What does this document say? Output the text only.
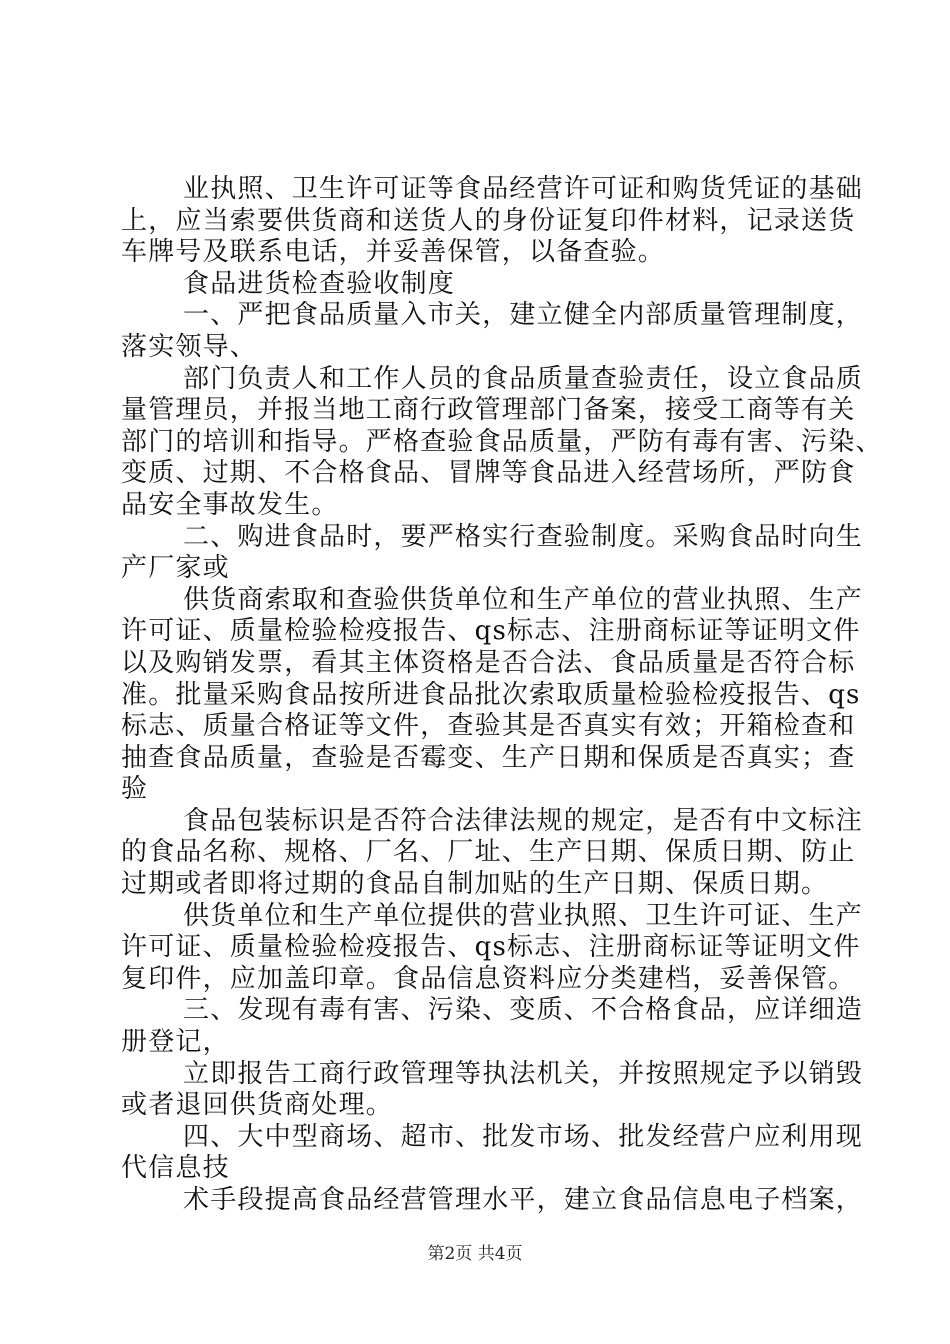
业执照、卫生许可证等食品经营许可证和购货凭证的基础
上，应当索要供货商和送货人的身份证复印件材料，记录送货
车牌号及联系电话，并妥善保管，以备查验。
食品进货检查验收制度
一、严把食品质量入市关，建立健全内部质量管理制度，
落实领导、
部门负责人和工作人员的食品质量查验责任，设立食品质
量管理员，并报当地工商行政管理部门备案，接受工商等有关
部门的培训和指导。严格查验食品质量，严防有毒有害、污染、
变质、过期、不合格食品、冒牌等食品进入经营场所，严防食
品安全事故发生。
二、购进食品时，要严格实行查验制度。采购食品时向生
产厂家或
供货商索取和查验供货单位和生产单位的营业执照、生产
许可证、质量检验检疫报告、qs标志、注册商标证等证明文件
以及购销发票，看其主体资格是否合法、食品质量是否符合标
准。批量采购食品按所进食品批次索取质量检验检疫报告、qs
标志、质量合格证等文件，查验其是否真实有效；开箱检查和
抽查食品质量，查验是否霉变、生产日期和保质是否真实；查
验
食品包装标识是否符合法律法规的规定，是否有中文标注
的食品名称、规格、厂名、厂址、生产日期、保质日期、防止
过期或者即将过期的食品自制加贴的生产日期、保质日期。
供货单位和生产单位提供的营业执照、卫生许可证、生产
许可证、质量检验检疫报告、qs标志、注册商标证等证明文件
复印件，应加盖印章。食品信息资料应分类建档，妥善保管。
三、发现有毒有害、污染、变质、不合格食品，应详细造
册登记，
立即报告工商行政管理等执法机关，并按照规定予以销毁
或者退回供货商处理。
四、大中型商场、超市、批发市场、批发经营户应利用现
代信息技
术手段提高食品经营管理水平，建立食品信息电子档案，
第2页 共4页
